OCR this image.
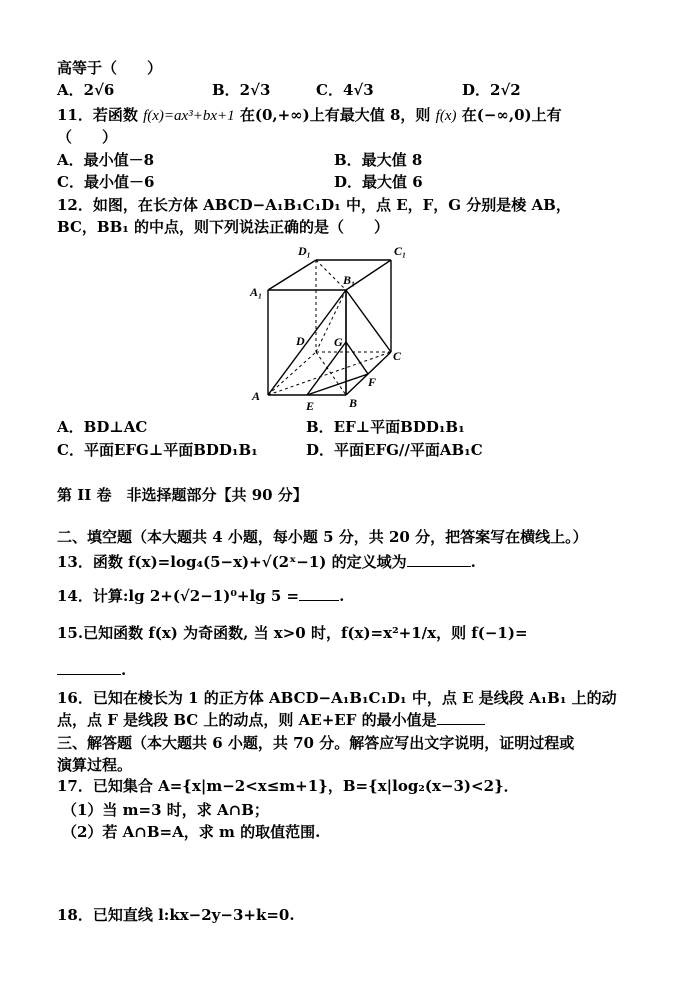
高等于（　　）
A．2√6	B．2√3	C．4√3	D．2√2
11．若函数 f(x)=ax³+bx+1 在(0,+∞)上有最大值 8，则 f(x) 在(−∞,0)上有
（　　）
A．最小值－8	B．最大值 8
C．最小值－6	D．最大值 6
12．如图，在长方体 ABCD−A₁B₁C₁D₁ 中，点 E，F，G 分别是棱 AB，
BC，BB₁ 的中点，则下列说法正确的是（　　）
D₁	C₁
B₁
A₁
D G
C
F
A
E	B
A．BD⊥AC	B．EF⊥平面BDD₁B₁
C．平面EFG⊥平面BDD₁B₁	D．平面EFG//平面AB₁C
第 II 卷　非选择题部分【共 90 分】
二、填空题（本大题共 4 小题，每小题 5 分，共 20 分，把答案写在横线上。）
13．函数 f(x)=log₄(5−x)+√(2ˣ−1) 的定义域为	.
14．计算:lg 2+(√2−1)⁰+lg 5 =	.
15.已知函数 f(x) 为奇函数, 当 x>0 时，f(x)=x²+1/x，则 f(−1)=
.
16．已知在棱长为 1 的正方体 ABCD−A₁B₁C₁D₁ 中，点 E 是线段 A₁B₁ 上的动
点，点 F 是线段 BC 上的动点，则 AE+EF 的最小值是
三、解答题（本大题共 6 小题，共 70 分。解答应写出文字说明，证明过程或
演算过程。
17．已知集合 A={x|m−2<x≤m+1}，B={x|log₂(x−3)<2}．
（1）当 m=3 时，求 A∩B；
（2）若 A∩B=A，求 m 的取值范围.
18．已知直线 l:kx−2y−3+k=0.
